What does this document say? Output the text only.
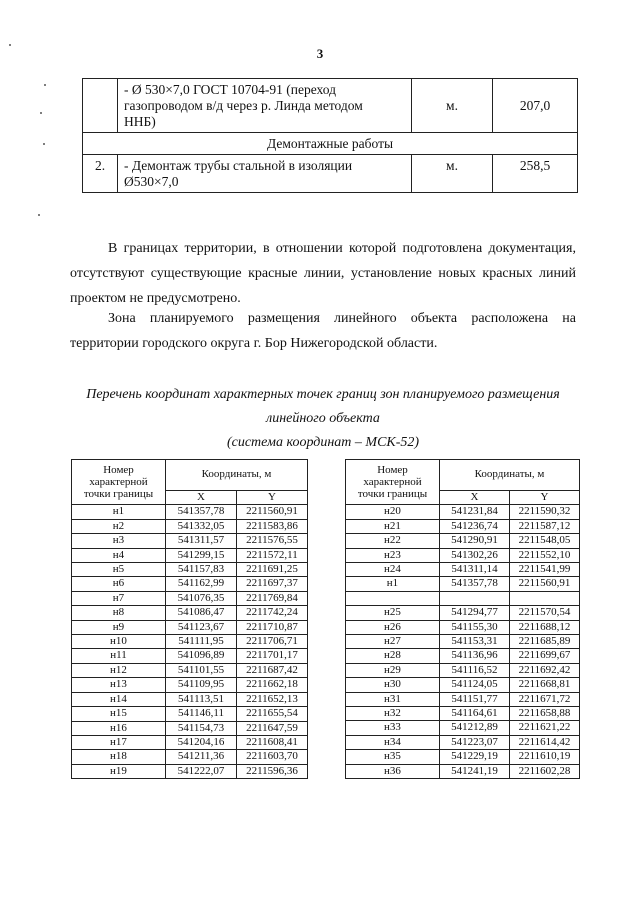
3
	- Ø 530×7,0 ГОСТ 10704-91 (переход
газопроводом в/д через р. Линда методом
ННБ)	м.	207,0
Демонтажные работы			
2.	- Демонтаж трубы стальной в изоляции
Ø530×7,0	м.	258,5
В границах территории, в отношении которой подготовлена документация, отсутствуют существующие красные линии, установление новых красных линий проектом не предусмотрено.
Зона планируемого размещения линейного объекта расположена на территории городского округа г. Бор Нижегородской области.
Перечень координат характерных точек границ зон планируемого размещения
линейного объекта
(система координат – МСК-52)
Номер
характерной
точки границы	Координаты, м	
	X	Y
н1	541357,78	2211560,91
н2	541332,05	2211583,86
н3	541311,57	2211576,55
н4	541299,15	2211572,11
н5	541157,83	2211691,25
н6	541162,99	2211697,37
н7	541076,35	2211769,84
н8	541086,47	2211742,24
н9	541123,67	2211710,87
н10	541111,95	2211706,71
н11	541096,89	2211701,17
н12	541101,55	2211687,42
н13	541109,95	2211662,18
н14	541113,51	2211652,13
н15	541146,11	2211655,54
н16	541154,73	2211647,59
н17	541204,16	2211608,41
н18	541211,36	2211603,70
н19	541222,07	2211596,36
Номер
характерной
точки границы	Координаты, м	
	X	Y
н20	541231,84	2211590,32
н21	541236,74	2211587,12
н22	541290,91	2211548,05
н23	541302,26	2211552,10
н24	541311,14	2211541,99
н1	541357,78	2211560,91

н25	541294,77	2211570,54
н26	541155,30	2211688,12
н27	541153,31	2211685,89
н28	541136,96	2211699,67
н29	541116,52	2211692,42
н30	541124,05	2211668,81
н31	541151,77	2211671,72
н32	541164,61	2211658,88
н33	541212,89	2211621,22
н34	541223,07	2211614,42
н35	541229,19	2211610,19
н36	541241,19	2211602,28
